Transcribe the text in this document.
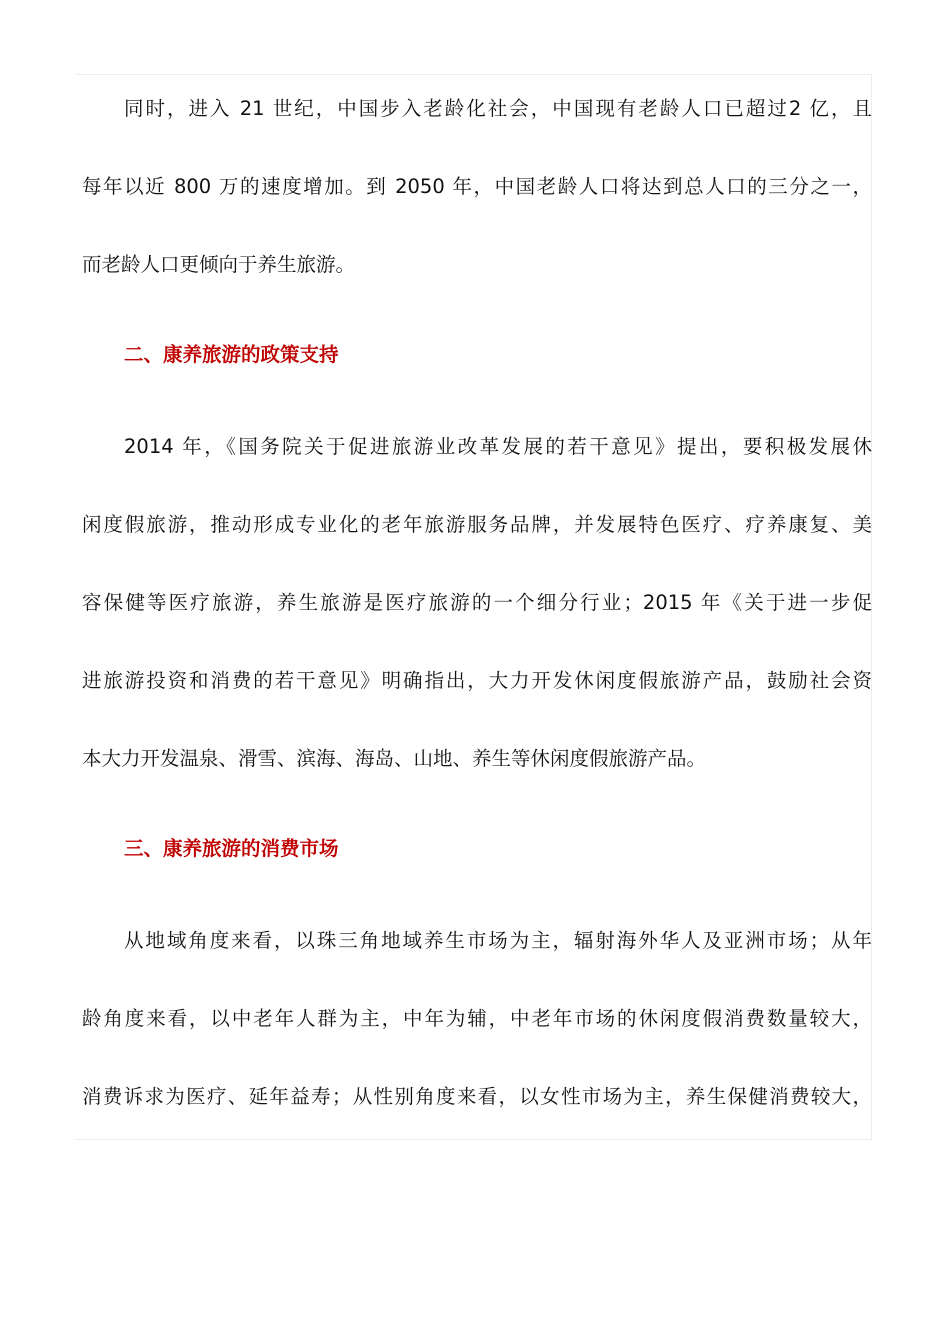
同时，进入 21 世纪，中国步入老龄化社会，中国现有老龄人口已超过2 亿，且
每年以近 800 万的速度增加。到 2050 年，中国老龄人口将达到总人口的三分之一，
而老龄人口更倾向于养生旅游。
二、康养旅游的政策支持
2014 年，《国务院关于促进旅游业改革发展的若干意见》提出，要积极发展休
闲度假旅游，推动形成专业化的老年旅游服务品牌，并发展特色医疗、疗养康复、美
容保健等医疗旅游，养生旅游是医疗旅游的一个细分行业；2015 年《关于进一步促
进旅游投资和消费的若干意见》明确指出，大力开发休闲度假旅游产品，鼓励社会资
本大力开发温泉、滑雪、滨海、海岛、山地、养生等休闲度假旅游产品。
三、康养旅游的消费市场
从地域角度来看，以珠三角地域养生市场为主，辐射海外华人及亚洲市场；从年
龄角度来看，以中老年人群为主，中年为辅，中老年市场的休闲度假消费数量较大，
消费诉求为医疗、延年益寿；从性别角度来看，以女性市场为主，养生保健消费较大，
